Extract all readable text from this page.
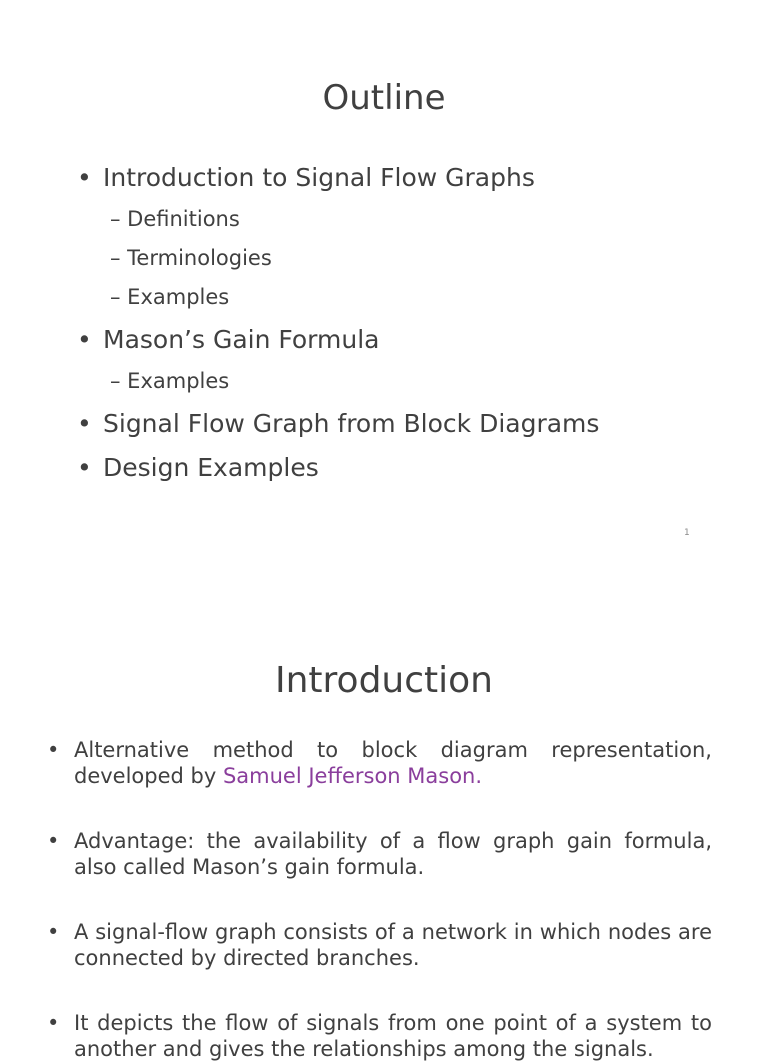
Outline
• Introduction to Signal Flow Graphs
– Definitions
– Terminologies
– Examples
• Mason’s Gain Formula
– Examples
• Signal Flow Graph from Block Diagrams
• Design Examples
1
Introduction
• Alternative method to block diagram representation, developed by Samuel Jefferson Mason.
• Advantage: the availability of a flow graph gain formula, also called Mason’s gain formula.
• A signal-flow graph consists of a network in which nodes are connected by directed branches.
• It depicts the flow of signals from one point of a system to another and gives the relationships among the signals.
